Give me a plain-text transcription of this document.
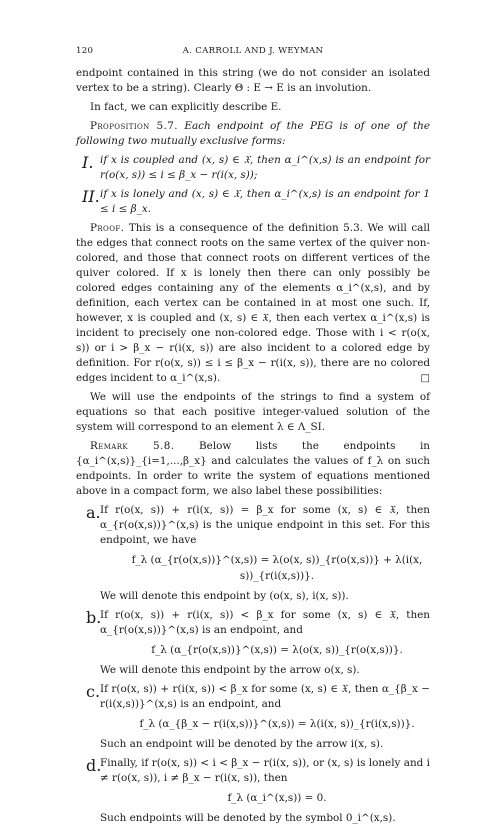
120	A. CARROLL AND J. WEYMAN

endpoint contained in this string (we do not consider an isolated vertex to be a string). Clearly Θ : E → E is an involution.

In fact, we can explicitly describe E.

Proposition 5.7. Each endpoint of the PEG is of one of the following two mutually exclusive forms:

I. if x is coupled and (x, s) ∈ 𝔛, then α_i^(x,s) is an endpoint for r(o(x, s)) ≤ i ≤ β_x − r(i(x, s));

II. if x is lonely and (x, s) ∈ 𝔛, then α_i^(x,s) is an endpoint for 1 ≤ i ≤ β_x.

Proof. This is a consequence of the definition 5.3. We will call the edges that connect roots on the same vertex of the quiver non-colored, and those that connect roots on different vertices of the quiver colored. If x is lonely then there can only possibly be colored edges containing any of the elements α_i^(x,s), and by definition, each vertex can be contained in at most one such. If, however, x is coupled and (x, s) ∈ 𝔛, then each vertex α_i^(x,s) is incident to precisely one non-colored edge. Those with i < r(o(x, s)) or i > β_x − r(i(x, s)) are also incident to a colored edge by definition. For r(o(x, s)) ≤ i ≤ β_x − r(i(x, s)), there are no colored edges incident to α_i^(x,s).	□

We will use the endpoints of the strings to find a system of equations so that each positive integer-valued solution of the system will correspond to an element λ ∈ Λ_SI.

Remark 5.8. Below lists the endpoints in {α_i^(x,s)}_{i=1,...,β_x} and calculates the values of f_λ on such endpoints. In order to write the system of equations mentioned above in a compact form, we also label these possibilities:

a. If r(o(x, s)) + r(i(x, s)) = β_x for some (x, s) ∈ 𝔛, then α_{r(o(x,s))}^(x,s) is the unique endpoint in this set. For this endpoint, we have

f_λ (α_{r(o(x,s))}^(x,s)) = λ(o(x, s))_{r(o(x,s))} + λ(i(x, s))_{r(i(x,s))}.

We will denote this endpoint by (o(x, s), i(x, s)).

b.

If r(o(x, s)) + r(i(x, s)) < β_x for some (x, s) ∈ 𝔛, then α_{r(o(x,s))}^(x,s) is an endpoint, and

f_λ (α_{r(o(x,s))}^(x,s)) = λ(o(x, s))_{r(o(x,s))}.

We will denote this endpoint by the arrow o(x, s).

c. If r(o(x, s)) + r(i(x, s)) < β_x for some (x, s) ∈ 𝔛, then α_{β_x − r(i(x,s))}^(x,s) is an endpoint, and

f_λ (α_{β_x − r(i(x,s))}^(x,s)) = λ(i(x, s))_{r(i(x,s))}.

Such an endpoint will be denoted by the arrow i(x, s).

d.

Finally, if r(o(x, s)) < i < β_x − r(i(x, s)), or (x, s) is lonely and i ≠ r(o(x, s)), i ≠ β_x − r(i(x, s)), then

f_λ (α_i^(x,s)) = 0.

Such endpoints will be denoted by the symbol 0_i^(x,s).
